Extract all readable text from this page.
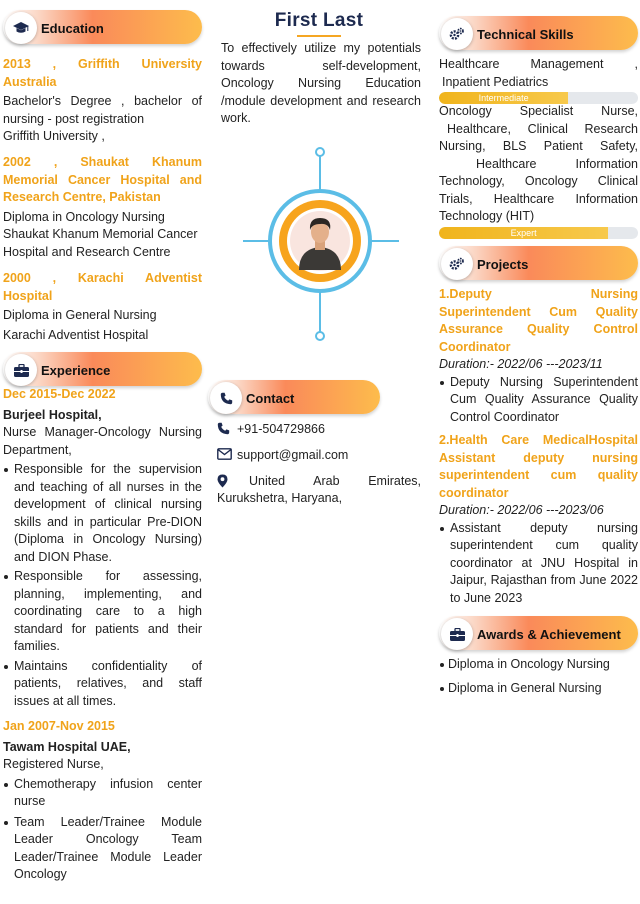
Education
2013 , Griffith University
Australia
Bachelor's Degree , bachelor of
nursing - post registration
Griffith University ,
2002 , Shaukat Khanum
Memorial Cancer Hospital and
Research Centre, Pakistan
Diploma in Oncology Nursing
Shaukat Khanum Memorial Cancer
Hospital and Research Centre
2000 , Karachi Adventist
Hospital
Diploma in General Nursing
Karachi Adventist Hospital
Experience
Dec 2015-Dec 2022
Burjeel Hospital,
Nurse Manager-Oncology Nursing
Department,
Responsible for the supervision
and teaching of all nurses in the
development of clinical nursing
skills and in particular Pre-DION
(Diploma in Oncology Nursing)
and DION Phase.
Responsible for assessing,
planning, implementing, and
coordinating care to a high
standard for patients and their
families.
Maintains confidentiality of
patients, relatives, and staff
issues at all times.
Jan 2007-Nov 2015
Tawam Hospital UAE,
Registered Nurse,
Chemotherapy infusion center
nurse
Team Leader/Trainee Module
Leader Oncology Team
Leader/Trainee Module Leader
Oncology
First Last
To effectively utilize my potentials towards self-development, Oncology Nursing Education /module development and research work.
Contact
+91-504729866
support@gmail.com
United Arab Emirates,
Kurukshetra, Haryana,
Technical Skills
Healthcare Management ,
Inpatient Pediatrics
Intermediate
Oncology Specialist Nurse,
Healthcare, Clinical Research
Nursing, BLS Patient Safety,
Healthcare Information
Technology, Oncology Clinical
Trials, Healthcare Information
Technology (HIT)
Expert
Projects
1.Deputy Nursing
Superintendent Cum Quality
Assurance Quality Control
Coordinator
Duration:- 2022/06 ---2023/11
Deputy Nursing Superintendent
Cum Quality Assurance Quality
Control Coordinator
2.Health Care MedicalHospital
Assistant deputy nursing
superintendent cum quality
coordinator
Duration:- 2022/06 ---2023/06
Assistant deputy nursing
superintendent cum quality
coordinator at JNU Hospital in
Jaipur, Rajasthan from June 2022
to June 2023
Awards & Achievement
Diploma in Oncology Nursing
Diploma in General Nursing
